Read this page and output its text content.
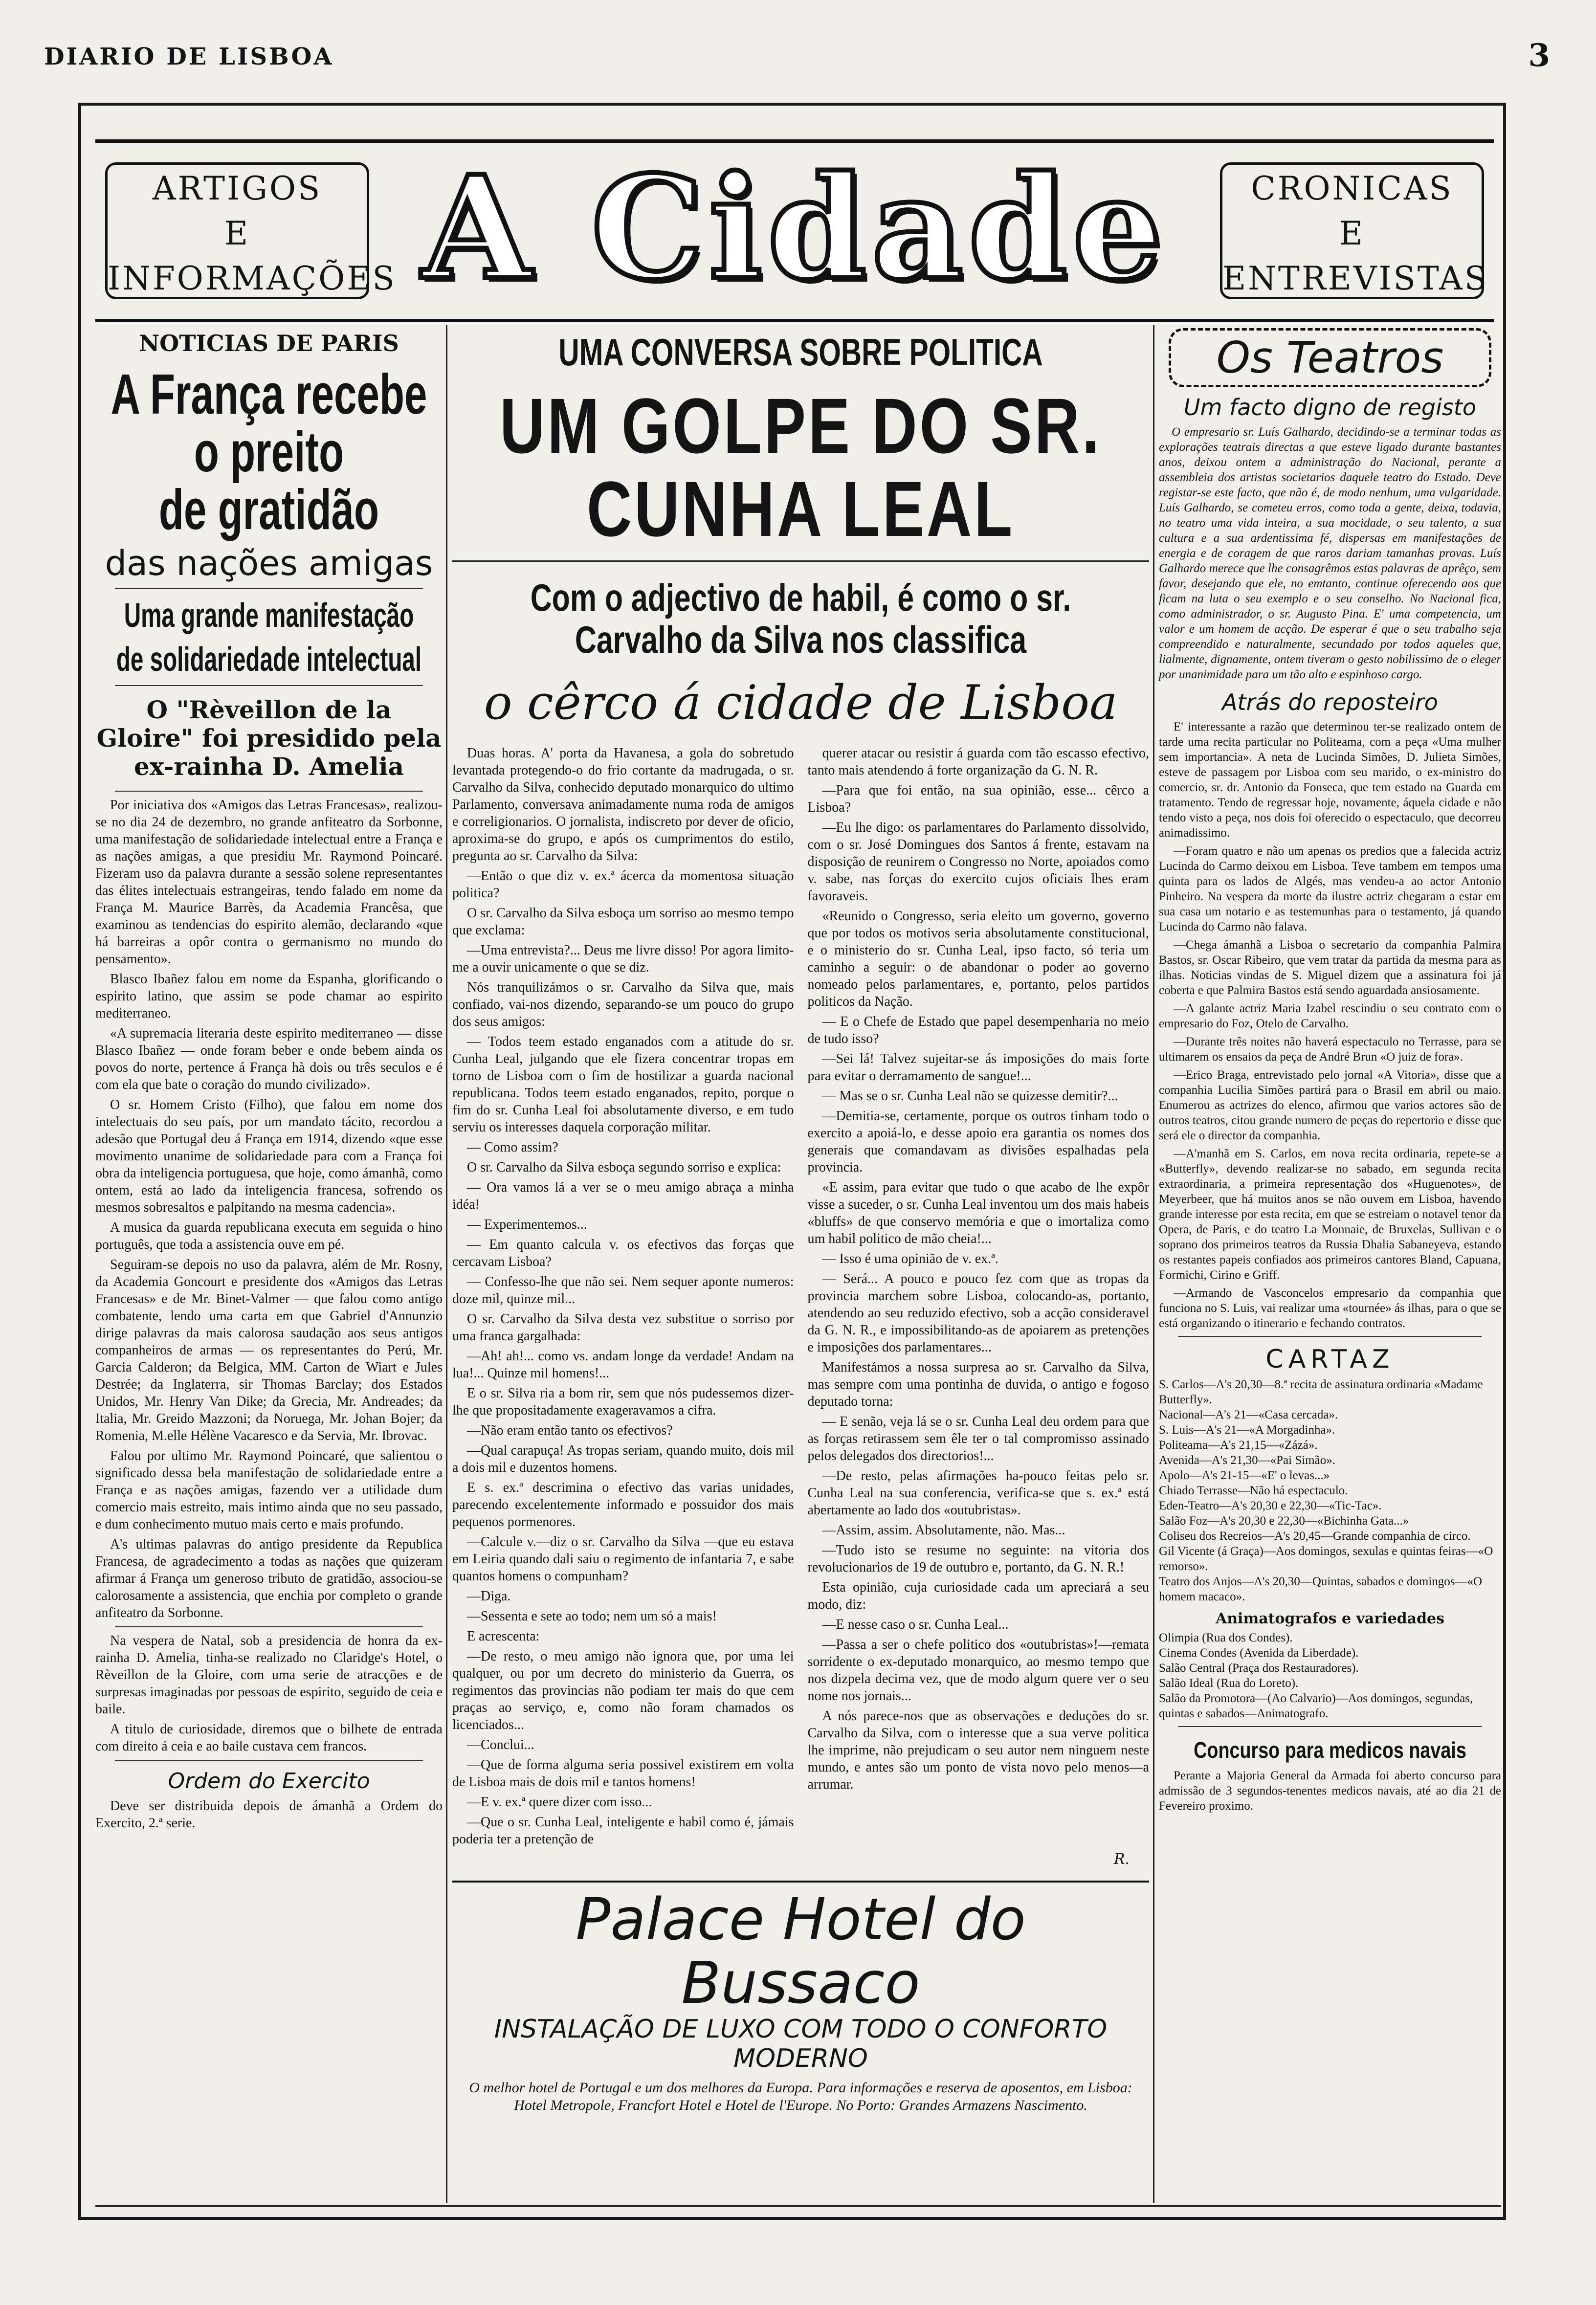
DIARIO DE LISBOA	3
ARTIGOS
E
INFORMAÇÕES A Cidade	CRONICAS
E
ENTREVISTAS
NOTICIAS DE PARIS
A França recebe o preito
de gratidão
das nações amigas
Uma grande manifestação
de solidariedade intelectual
O "Rèveillon de la Gloire" foi presidido pela ex-rainha D. Amelia

Por iniciativa dos «Amigos das Letras Francesas», realizou-se no dia 24 de dezembro, no grande anfiteatro da Sorbonne, uma manifestação de solidariedade intelectual entre a França e as nações amigas, a que presidiu Mr. Raymond Poincaré. Fizeram uso da palavra durante a sessão solene representantes das élites intelectuais estrangeiras, tendo falado em nome da França M. Maurice Barrès, da Academia Francêsa, que examinou as tendencias do espirito alemão, declarando «que há barreiras a opôr contra o germanismo no mundo do pensamento».

Blasco Ibañez falou em nome da Espanha, glorificando o espirito latino, que assim se pode chamar ao espirito mediterraneo.

«A supremacia literaria deste espirito mediterraneo — disse Blasco Ibañez — onde foram beber e onde bebem ainda os povos do norte, pertence á França hà dois ou três seculos e é com ela que bate o coração do mundo civilizado».

O sr. Homem Cristo (Filho), que falou em nome dos intelectuais do seu país, por um mandato tácito, recordou a adesão que Portugal deu á França em 1914, dizendo «que esse movimento unanime de solidariedade para com a França foi obra da inteligencia portuguesa, que hoje, como ámanhã, como ontem, está ao lado da inteligencia francesa, sofrendo os mesmos sobresaltos e palpitando na mesma cadencia».

A musica da guarda republicana executa em seguida o hino português, que toda a assistencia ouve em pé.

Seguiram-se depois no uso da palavra, além de Mr. Rosny, da Academia Goncourt e presidente dos «Amigos das Letras Francesas» e de Mr. Binet-Valmer — que falou como antigo combatente, lendo uma carta em que Gabriel d'Annunzio dirige palavras da mais calorosa saudação aos seus antigos companheiros de armas — os representantes do Perú, Mr. Garcia Calderon; da Belgica, MM. Carton de Wiart e Jules Destrée; da Inglaterra, sir Thomas Barclay; dos Estados Unidos, Mr. Henry Van Dike; da Grecia, Mr. Andreades; da Italia, Mr. Greido Mazzoni; da Noruega, Mr. Johan Bojer; da Romenia, M.elle Hélène Vacaresco e da Servia, Mr. Ibrovac.

Falou por ultimo Mr. Raymond Poincaré, que salientou o significado dessa bela manifestação de solidariedade entre a França e as nações amigas, fazendo ver a utilidade dum comercio mais estreito, mais intimo ainda que no seu passado, e dum conhecimento mutuo mais certo e mais profundo.

A's ultimas palavras do antigo presidente da Republica Francesa, de agradecimento a todas as nações que quizeram afirmar á França um generoso tributo de gratidão, associou-se calorosamente a assistencia, que enchia por completo o grande anfiteatro da Sorbonne.

Na vespera de Natal, sob a presidencia de honra da ex-rainha D. Amelia, tinha-se realizado no Claridge's Hotel, o Rèveillon de la Gloire, com uma serie de atracções e de surpresas imaginadas por pessoas de espirito, seguido de ceia e baile.

A titulo de curiosidade, diremos que o bilhete de entrada com direito á ceia e ao baile custava cem francos.

Ordem do Exercito

Deve ser distribuida depois de ámanhã a Ordem do Exercito, 2.ª serie.

UMA CONVERSA SOBRE POLITICA
UM GOLPE DO SR. CUNHA LEAL
Com o adjectivo de habil, é como o sr. Carvalho da Silva nos classifica
o cêrco á cidade de Lisboa

Duas horas. A' porta da Havanesa, a gola do sobretudo levantada protegendo-o do frio cortante da madrugada, o sr. Carvalho da Silva, conhecido deputado monarquico do ultimo Parlamento, conversava animadamente numa roda de amigos e correligionarios. O jornalista, indiscreto por dever de oficio, aproxima-se do grupo, e após os cumprimentos do estilo, pregunta ao sr. Carvalho da Silva:

—Então o que diz v. ex.ª ácerca da momentosa situação politica?

O sr. Carvalho da Silva esboça um sorriso ao mesmo tempo que exclama:

—Uma entrevista?... Deus me livre disso! Por agora limito-me a ouvir unicamente o que se diz.

Nós tranquilizámos o sr. Carvalho da Silva que, mais confiado, vai-nos dizendo, separando-se um pouco do grupo dos seus amigos:

— Todos teem estado enganados com a atitude do sr. Cunha Leal, julgando que ele fizera concentrar tropas em torno de Lisboa com o fim de hostilizar a guarda nacional republicana. Todos teem estado enganados, repito, porque o fim do sr. Cunha Leal foi absolutamente diverso, e em tudo serviu os interesses daquela corporação militar.

— Como assim?

O sr. Carvalho da Silva esboça segundo sorriso e explica:

— Ora vamos lá a ver se o meu amigo abraça a minha idéa!

— Experimentemos...

— Em quanto calcula v. os efectivos das forças que cercavam Lisboa?

— Confesso-lhe que não sei. Nem sequer aponte numeros: doze mil, quinze mil...

O sr. Carvalho da Silva desta vez substitue o sorriso por uma franca gargalhada:

—Ah! ah!... como vs. andam longe da verdade! Andam na lua!... Quinze mil homens!...

E o sr. Silva ria a bom rir, sem que nós pudessemos dizer-lhe que propositadamente exageravamos a cifra.

—Não eram então tanto os efectivos?

—Qual carapuça! As tropas seriam, quando muito, dois mil a dois mil e duzentos homens.

E s. ex.ª descrimina o efectivo das varias unidades, parecendo excelentemente informado e possuidor dos mais pequenos pormenores.

—Calcule v.—diz o sr. Carvalho da Silva —que eu estava em Leiria quando dali saiu o regimento de infantaria 7, e sabe quantos homens o compunham?

—Diga.

—Sessenta e sete ao todo; nem um só a mais!

E acrescenta:

—De resto, o meu amigo não ignora que, por uma lei qualquer, ou por um decreto do ministerio da Guerra, os regimentos das provincias não podiam ter mais do que cem praças ao serviço, e, como não foram chamados os licenciados...

—Conclui...

—Que de forma alguma seria possivel existirem em volta de Lisboa mais de dois mil e tantos homens!

—E v. ex.ª quere dizer com isso...

—Que o sr. Cunha Leal, inteligente e habil como é, jámais poderia ter a pretenção de

querer atacar ou resistir á guarda com tão escasso efectivo, tanto mais atendendo á forte organização da G. N. R.

—Para que foi então, na sua opinião, esse... cêrco a Lisboa?

—Eu lhe digo: os parlamentares do Parlamento dissolvido, com o sr. José Domingues dos Santos á frente, estavam na disposição de reunirem o Congresso no Norte, apoiados como v. sabe, nas forças do exercito cujos oficiais lhes eram favoraveis.

«Reunido o Congresso, seria eleito um governo, governo que por todos os motivos seria absolutamente constitucional, e o ministerio do sr. Cunha Leal, ipso facto, só teria um caminho a seguir: o de abandonar o poder ao governo nomeado pelos parlamentares, e, portanto, pelos partidos politicos da Nação.

— E o Chefe de Estado que papel desempenharia no meio de tudo isso?

—Sei lá! Talvez sujeitar-se ás imposições do mais forte para evitar o derramamento de sangue!...

— Mas se o sr. Cunha Leal não se quizesse demitir?...

—Demitia-se, certamente, porque os outros tinham todo o exercito a apoiá-lo, e desse apoio era garantia os nomes dos generais que comandavam as divisões espalhadas pela provincia.

«E assim, para evitar que tudo o que acabo de lhe expôr visse a suceder, o sr. Cunha Leal inventou um dos mais habeis «bluffs» de que conservo memória e que o imortaliza como um habil politico de mão cheia!...

— Isso é uma opinião de v. ex.ª.

— Será... A pouco e pouco fez com que as tropas da provincia marchem sobre Lisboa, colocando-as, portanto, atendendo ao seu reduzido efectivo, sob a acção consideravel da G. N. R., e impossibilitando-as de apoiarem as pretenções e imposições dos parlamentares...

Manifestámos a nossa surpresa ao sr. Carvalho da Silva, mas sempre com uma pontinha de duvida, o antigo e fogoso deputado torna:

— E senão, veja lá se o sr. Cunha Leal deu ordem para que as forças retirassem sem êle ter o tal compromisso assinado pelos delegados dos directorios!...

—De resto, pelas afirmações ha-pouco feitas pelo sr. Cunha Leal na sua conferencia, verifica-se que s. ex.ª está abertamente ao lado dos «outubristas».

—Assim, assim. Absolutamente, não. Mas...

—Tudo isto se resume no seguinte: na vitoria dos revolucionarios de 19 de outubro e, portanto, da G. N. R.!

Esta opinião, cuja curiosidade cada um apreciará a seu modo, diz:

—E nesse caso o sr. Cunha Leal...

—Passa a ser o chefe politico dos «outubristas»!—remata sorridente o ex-deputado monarquico, ao mesmo tempo que nos dizpela decima vez, que de modo algum quere ver o seu nome nos jornais...

A nós parece-nos que as observações e deduções do sr. Carvalho da Silva, com o interesse que a sua verve politica lhe imprime, não prejudicam o seu autor nem ninguem neste mundo, e antes são um ponto de vista novo pelo menos—a arrumar.

R.
Palace Hotel do Bussaco
INSTALAÇÃO DE LUXO COM TODO O CONFORTO MODERNO
O melhor hotel de Portugal e um dos melhores da Europa. Para informações e reserva de aposentos, em Lisboa: Hotel Metropole, Francfort Hotel e Hotel de l'Europe. No Porto: Grandes Armazens Nascimento.
Os Teatros
Um facto digno de registo

O empresario sr. Luís Galhardo, decidindo-se a terminar todas as explorações teatrais directas a que esteve ligado durante bastantes anos, deixou ontem a administração do Nacional, perante a assembleia dos artistas societarios daquele teatro do Estado. Deve registar-se este facto, que não é, de modo nenhum, uma vulgaridade. Luís Galhardo, se cometeu erros, como toda a gente, deixa, todavia, no teatro uma vida inteira, a sua mocidade, o seu talento, a sua cultura e a sua ardentissima fé, dispersas em manifestações de energia e de coragem de que raros dariam tamanhas provas. Luís Galhardo merece que lhe consagrêmos estas palavras de aprêço, sem favor, desejando que ele, no emtanto, continue oferecendo aos que ficam na luta o seu exemplo e o seu conselho. No Nacional fica, como administrador, o sr. Augusto Pina. E' uma competencia, um valor e um homem de acção. De esperar é que o seu trabalho seja compreendido e naturalmente, secundado por todos aqueles que, lialmente, dignamente, ontem tiveram o gesto nobilissimo de o eleger por unanimidade para um tão alto e espinhoso cargo.

Atrás do reposteiro

E' interessante a razão que determinou ter-se realizado ontem de tarde uma recita particular no Politeama, com a peça «Uma mulher sem importancia». A neta de Lucinda Simões, D. Julieta Simões, esteve de passagem por Lisboa com seu marido, o ex-ministro do comercio, sr. dr. Antonio da Fonseca, que tem estado na Guarda em tratamento. Tendo de regressar hoje, novamente, áquela cidade e não tendo visto a peça, nos dois foi oferecido o espectaculo, que decorreu animadissimo.

—Foram quatro e não um apenas os predios que a falecida actriz Lucinda do Carmo deixou em Lisboa. Teve tambem em tempos uma quinta para os lados de Algés, mas vendeu-a ao actor Antonio Pinheiro. Na vespera da morte da ilustre actriz chegaram a estar em sua casa um notario e as testemunhas para o testamento, já quando Lucinda do Carmo não falava.

—Chega ámanhã a Lisboa o secretario da companhia Palmira Bastos, sr. Oscar Ribeiro, que vem tratar da partida da mesma para as ilhas. Noticias vindas de S. Miguel dizem que a assinatura foi já coberta e que Palmira Bastos está sendo aguardada ansiosamente.

—A galante actriz Maria Izabel rescindiu o seu contrato com o empresario do Foz, Otelo de Carvalho.

—Durante três noites não haverá espectaculo no Terrasse, para se ultimarem os ensaios da peça de André Brun «O juiz de fora».

—Erico Braga, entrevistado pelo jornal «A Vitoria», disse que a companhia Lucilia Simões partirá para o Brasil em abril ou maio. Enumerou as actrizes do elenco, afirmou que varios actores são de outros teatros, citou grande numero de peças do repertorio e disse que será ele o director da companhia.

—A'manhã em S. Carlos, em nova recita ordinaria, repete-se a «Butterfly», devendo realizar-se no sabado, em segunda recita extraordinaria, a primeira representação dos «Huguenotes», de Meyerbeer, que há muitos anos se não ouvem em Lisboa, havendo grande interesse por esta recita, em que se estreiam o notavel tenor da Opera, de Paris, e do teatro La Monnaie, de Bruxelas, Sullivan e o soprano dos primeiros teatros da Russia Dhalia Sabaneyeva, estando os restantes papeis confiados aos primeiros cantores Bland, Capuana, Formichi, Cirino e Griff.

—Armando de Vasconcelos empresario da companhia que funciona no S. Luis, vai realizar uma «tournée» ás ilhas, para o que se está organizando o itinerario e fechando contratos.

CARTAZ
S. Carlos—A's 20,30—8.ª recita de assinatura ordinaria «Madame Butterfly».
Nacional—A's 21—«Casa cercada».
S. Luis—A's 21—«A Morgadinha».
Politeama—A's 21,15—«Zázá».
Avenida—A's 21,30—«Pai Simão».
Apolo—A's 21-15—«E' o levas...»
Chiado Terrasse—Não há espectaculo.
Eden-Teatro—A's 20,30 e 22,30—«Tic-Tac».
Salão Foz—A's 20,30 e 22,30—«Bichinha Gata...»
Coliseu dos Recreios—A's 20,45—Grande companhia de circo.
Gil Vicente (á Graça)—Aos domingos, sexulas e quintas feiras—«O remorso».
Teatro dos Anjos—A's 20,30—Quintas, sabados e domingos—«O homem macaco».
Animatografos e variedades
Olimpia (Rua dos Condes).
Cinema Condes (Avenida da Liberdade).
Salão Central (Praça dos Restauradores).
Salão Ideal (Rua do Loreto).
Salão da Promotora—(Ao Calvario)—Aos domingos, segundas, quintas e sabados—Animatografo.
Concurso para medicos navais

Perante a Majoria General da Armada foi aberto concurso para admissão de 3 segundos-tenentes medicos navais, até ao dia 21 de Fevereiro proximo.
